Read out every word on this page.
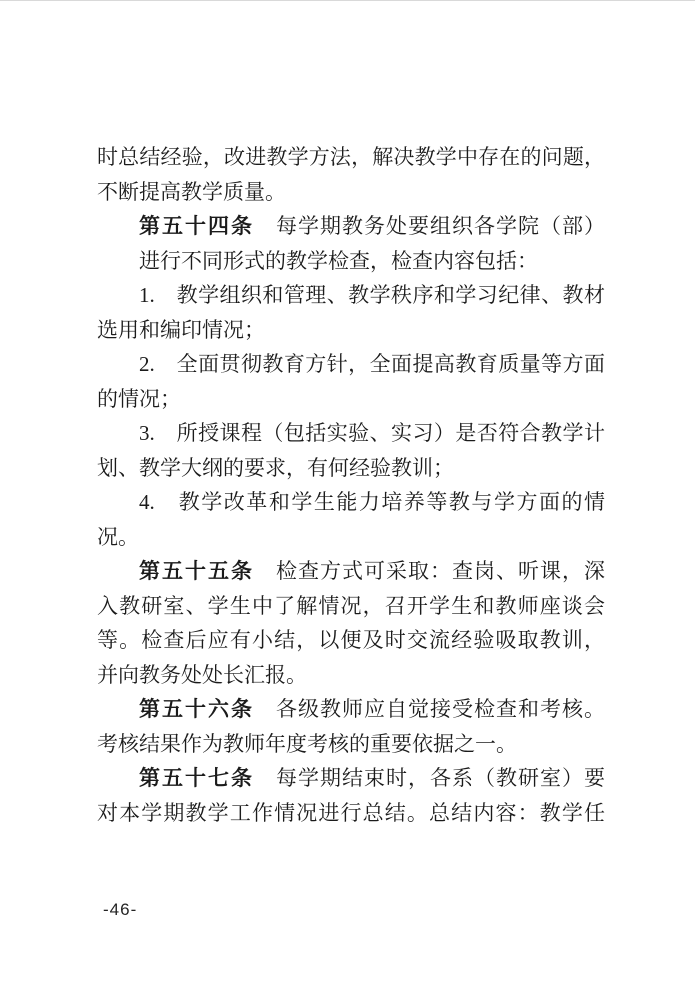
时总结经验，改进教学方法，解决教学中存在的问题，
不断提高教学质量。
第五十四条　每学期教务处要组织各学院（部）
进行不同形式的教学检查，检查内容包括：
1.　教学组织和管理、教学秩序和学习纪律、教材
选用和编印情况；
2.　全面贯彻教育方针，全面提高教育质量等方面
的情况；
3.　所授课程（包括实验、实习）是否符合教学计
划、教学大纲的要求，有何经验教训；
4.　教学改革和学生能力培养等教与学方面的情
况。
第五十五条　检查方式可采取：查岗、听课，深
入教研室、学生中了解情况，召开学生和教师座谈会
等。检查后应有小结，以便及时交流经验吸取教训，
并向教务处处长汇报。
第五十六条　各级教师应自觉接受检查和考核。
考核结果作为教师年度考核的重要依据之一。
第五十七条　每学期结束时，各系（教研室）要
对本学期教学工作情况进行总结。总结内容：教学任
-46-
